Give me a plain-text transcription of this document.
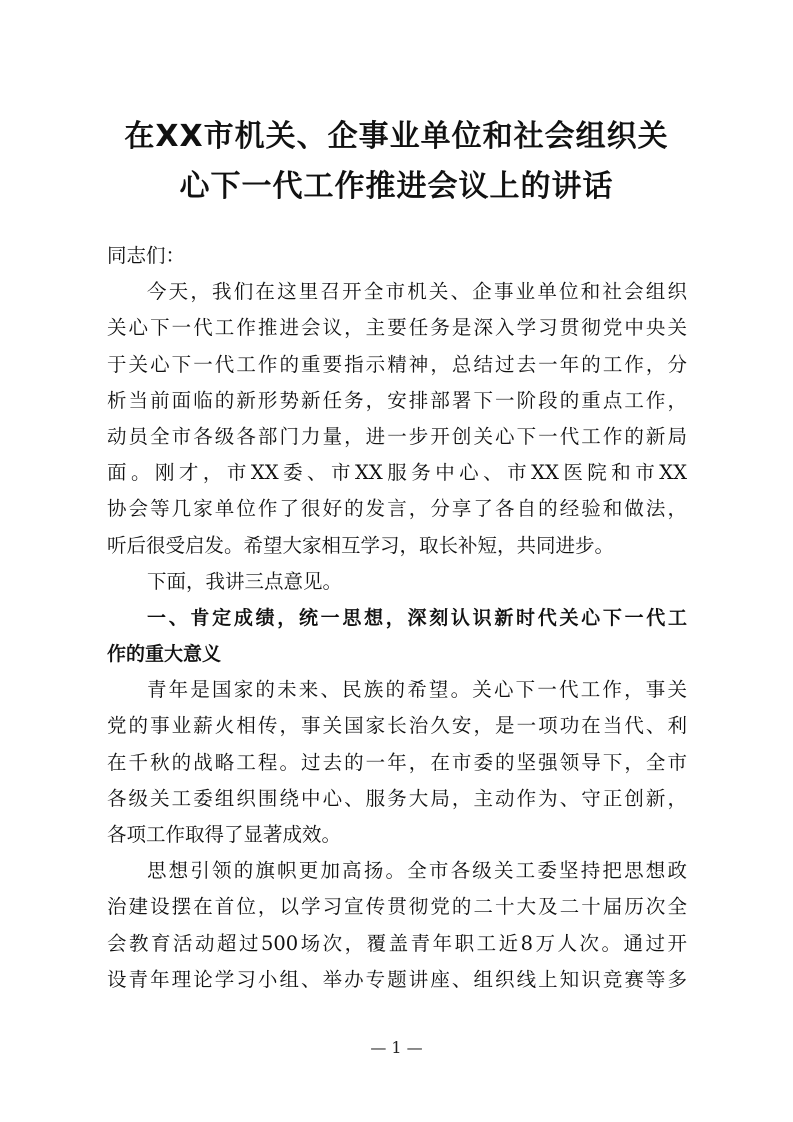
在XX市机关、企事业单位和社会组织关
心下一代工作推进会议上的讲话
同志们：
今天，我们在这里召开全市机关、企事业单位和社会组织
关心下一代工作推进会议，主要任务是深入学习贯彻党中央关
于关心下一代工作的重要指示精神，总结过去一年的工作，分
析当前面临的新形势新任务，安排部署下一阶段的重点工作，
动员全市各级各部门力量，进一步开创关心下一代工作的新局
面。刚才，市XX委、市XX服务中心、市XX医院和市XX
协会等几家单位作了很好的发言，分享了各自的经验和做法，
听后很受启发。希望大家相互学习，取长补短，共同进步。
下面，我讲三点意见。
一、肯定成绩，统一思想，深刻认识新时代关心下一代工
作的重大意义
青年是国家的未来、民族的希望。关心下一代工作，事关
党的事业薪火相传，事关国家长治久安，是一项功在当代、利
在千秋的战略工程。过去的一年，在市委的坚强领导下，全市
各级关工委组织围绕中心、服务大局，主动作为、守正创新，
各项工作取得了显著成效。
思想引领的旗帜更加高扬。全市各级关工委坚持把思想政
治建设摆在首位，以学习宣传贯彻党的二十大及二十届历次全
会教育活动超过500场次，覆盖青年职工近8万人次。通过开
设青年理论学习小组、举办专题讲座、组织线上知识竞赛等多
— 1 —
